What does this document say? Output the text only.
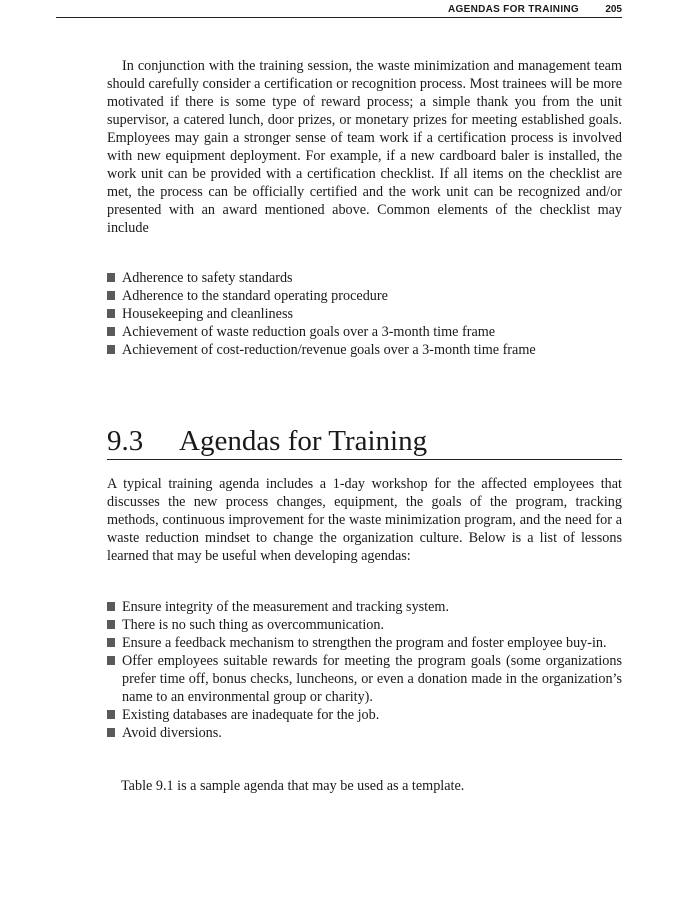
AGENDAS FOR TRAINING	205

In conjunction with the training session, the waste minimization and management team should carefully consider a certification or recognition process. Most trainees will be more motivated if there is some type of reward process; a simple thank you from the unit supervisor, a catered lunch, door prizes, or monetary prizes for meeting established goals. Employees may gain a stronger sense of team work if a certification process is involved with new equipment deployment. For example, if a new cardboard baler is installed, the work unit can be provided with a certification checklist. If all items on the checklist are met, the process can be officially certified and the work unit can be recognized and/or presented with an award mentioned above. Common elements of the checklist may include

Adherence to safety standards
Adherence to the standard operating procedure
Housekeeping and cleanliness
Achievement of waste reduction goals over a 3-month time frame
Achievement of cost-reduction/revenue goals over a 3-month time frame
9.3 Agendas for Training

A typical training agenda includes a 1-day workshop for the affected employees that discusses the new process changes, equipment, the goals of the program, tracking methods, continuous improvement for the waste minimization program, and the need for a waste reduction mindset to change the organization culture. Below is a list of lessons learned that may be useful when developing agendas:

Ensure integrity of the measurement and tracking system.
There is no such thing as overcommunication.
Ensure a feedback mechanism to strengthen the program and foster employee buy-in.
Offer employees suitable rewards for meeting the program goals (some organizations prefer time off, bonus checks, luncheons, or even a donation made in the organization’s name to an environmental group or charity).
Existing databases are inadequate for the job.
Avoid diversions.

Table 9.1 is a sample agenda that may be used as a template.
